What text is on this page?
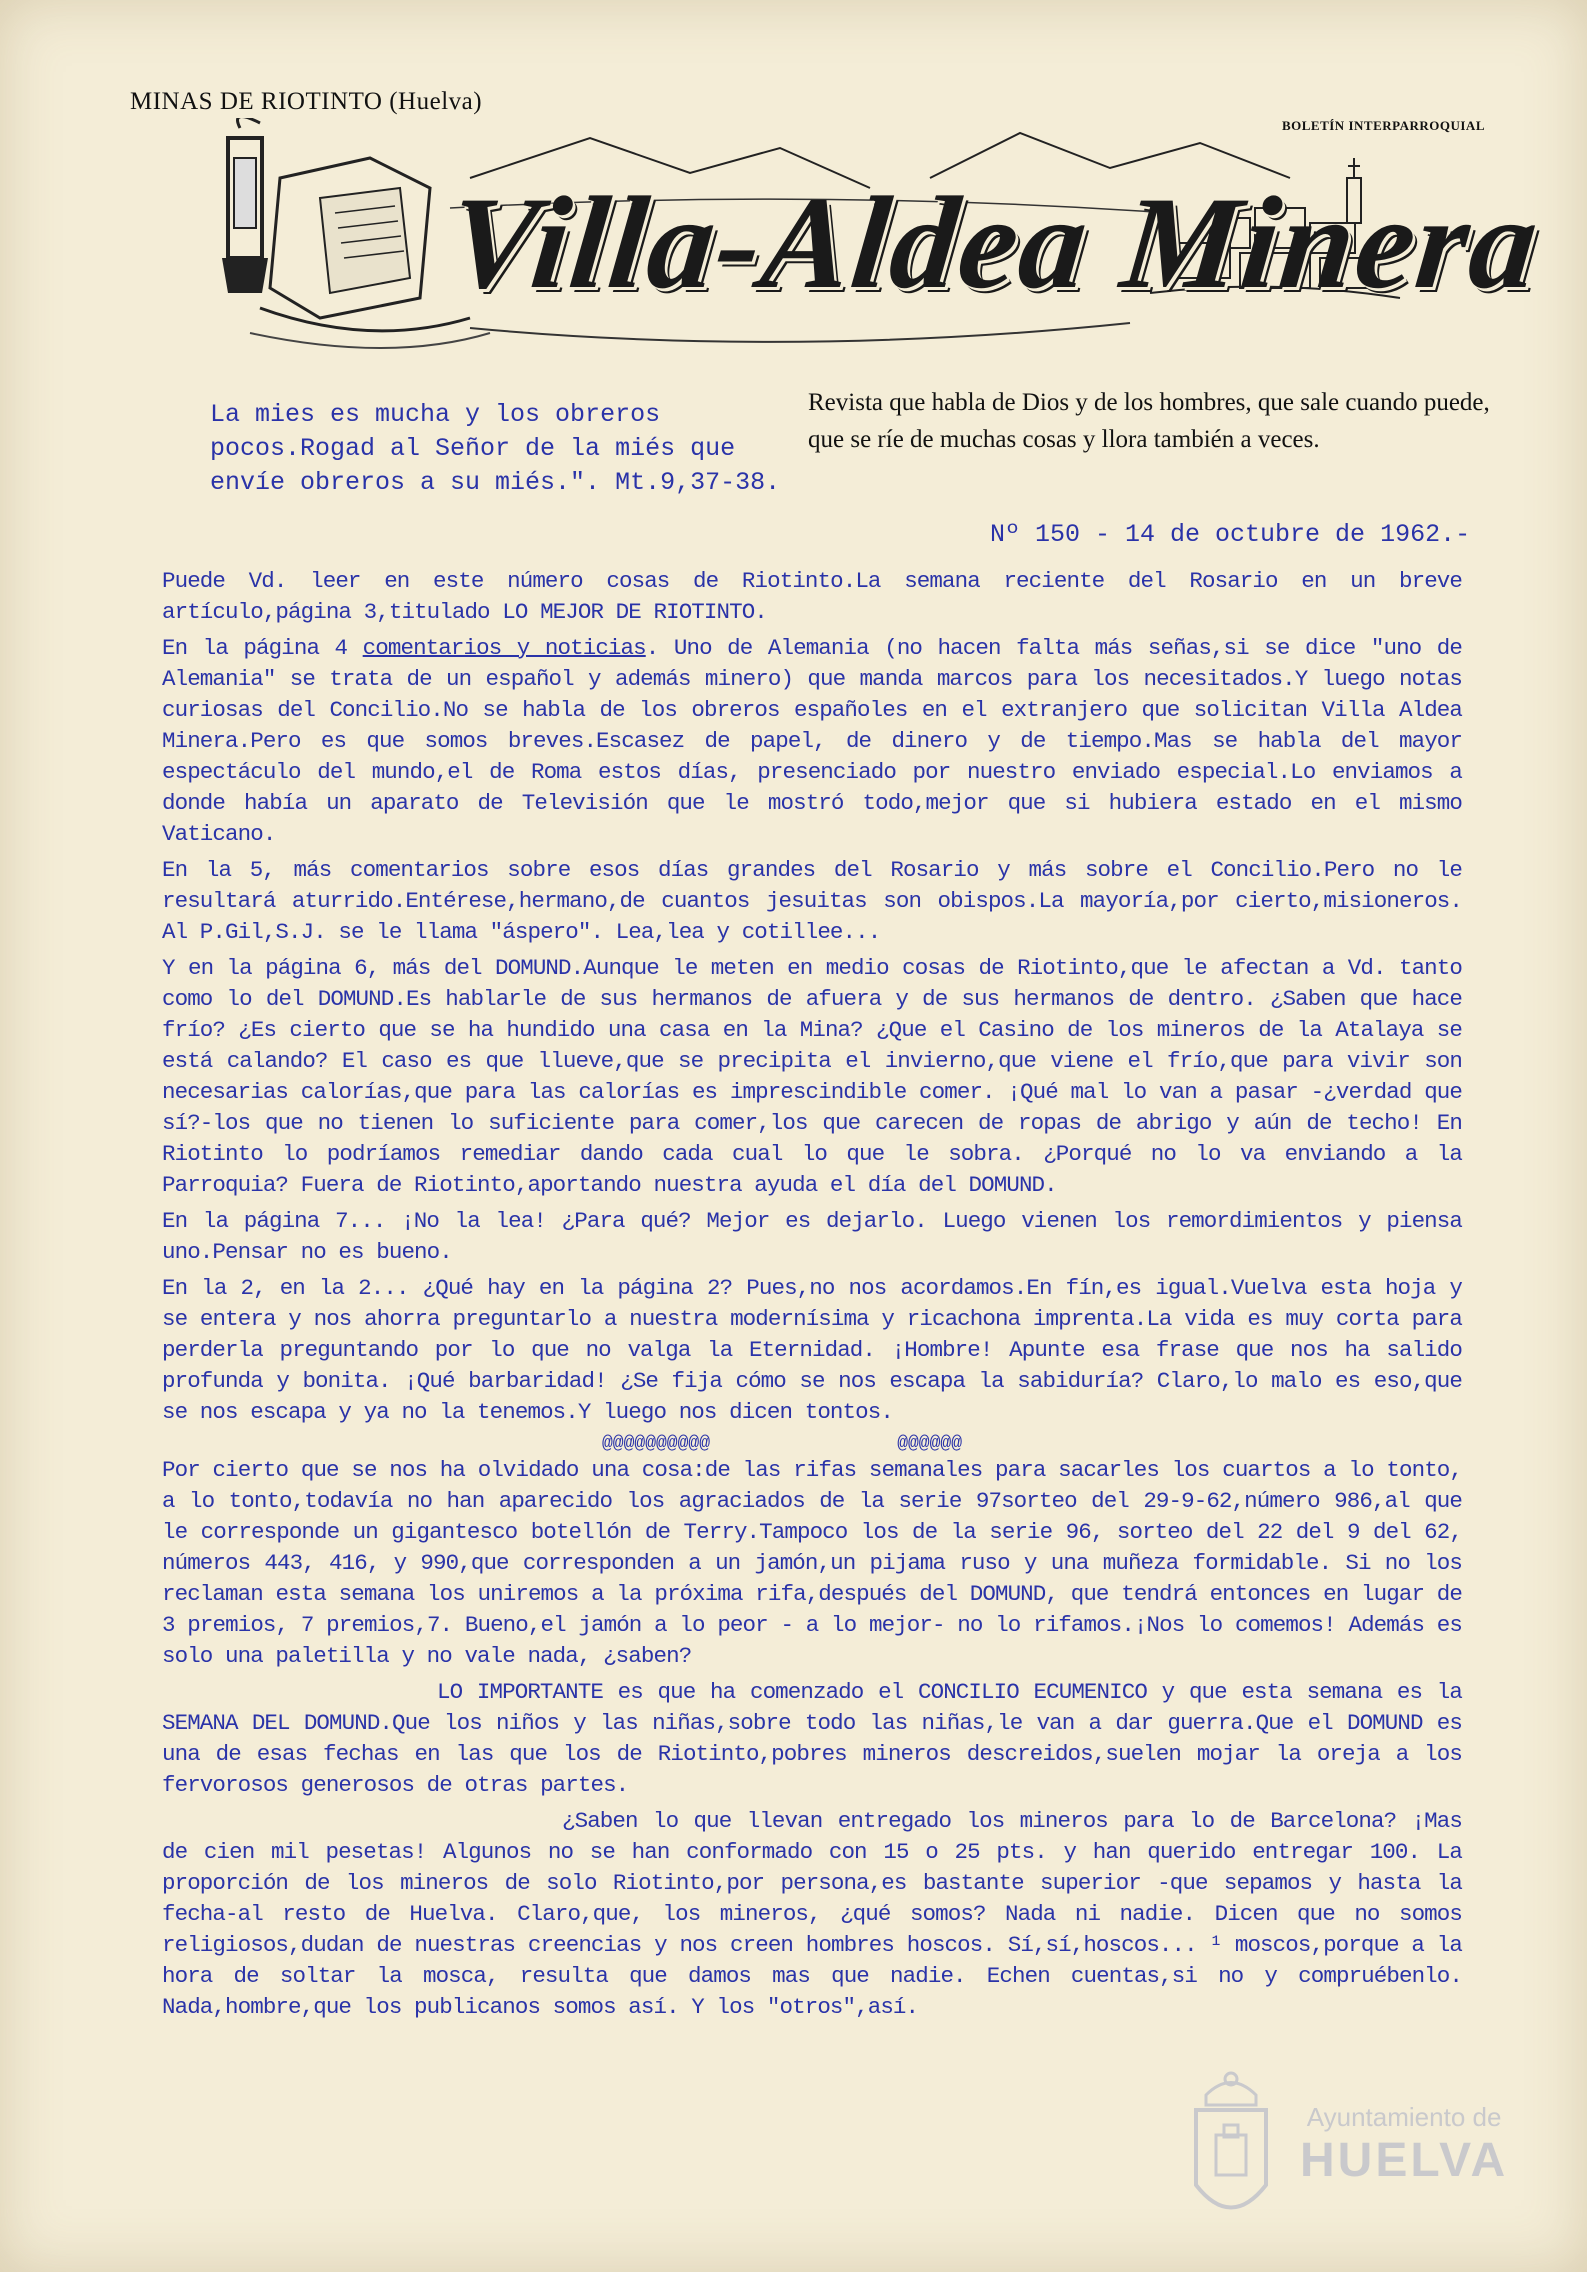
MINAS DE RIOTINTO (Huelva)
BOLETÍN INTERPARROQUIAL
Villa-Aldea Minera
Revista que habla de Dios y de los hombres, que sale cuando puede, que se ríe de muchas cosas y llora también a veces.
La mies es mucha y los obreros pocos.Rogad al Señor de la miés que envíe obreros a su miés.". Mt.9,37-38.
Nº 150 - 14 de octubre de 1962.-

Puede Vd. leer en este número cosas de Riotinto.La semana reciente del Rosario en un breve artículo,página 3,titulado LO MEJOR DE RIOTINTO.

En la página 4 comentarios y noticias. Uno de Alemania (no hacen falta más señas,si se dice "uno de Alemania" se trata de un español y además minero) que manda marcos para los necesitados.Y luego notas curiosas del Concilio.No se habla de los obreros españoles en el extranjero que solicitan Villa Aldea Minera.Pero es que somos breves.Escasez de papel, de dinero y de tiempo.Mas se habla del mayor espectáculo del mundo,el de Roma estos días, presenciado por nuestro enviado especial.Lo enviamos a donde había un aparato de Televisión que le mostró todo,mejor que si hubiera estado en el mismo Vaticano.

En la 5, más comentarios sobre esos días grandes del Rosario y más sobre el Concilio.Pero no le resultará aturrido.Entérese,hermano,de cuantos jesuitas son obispos.La mayoría,por cierto,misioneros. Al P.Gil,S.J. se le llama "áspero". Lea,lea y cotillee...

Y en la página 6, más del DOMUND.Aunque le meten en medio cosas de Riotinto,que le afectan a Vd. tanto como lo del DOMUND.Es hablarle de sus hermanos de afuera y de sus hermanos de dentro. ¿Saben que hace frío? ¿Es cierto que se ha hundido una casa en la Mina? ¿Que el Casino de los mineros de la Atalaya se está calando? El caso es que llueve,que se precipita el invierno,que viene el frío,que para vivir son necesarias calorías,que para las calorías es imprescindible comer. ¡Qué mal lo van a pasar -¿verdad que sí?-los que no tienen lo suficiente para comer,los que carecen de ropas de abrigo y aún de techo! En Riotinto lo podríamos remediar dando cada cual lo que le sobra. ¿Porqué no lo va enviando a la Parroquia? Fuera de Riotinto,aportando nuestra ayuda el día del DOMUND.

En la página 7... ¡No la lea! ¿Para qué? Mejor es dejarlo. Luego vienen los remordimientos y piensa uno.Pensar no es bueno.

En la 2, en la 2... ¿Qué hay en la página 2? Pues,no nos acordamos.En fín,es igual.Vuelva esta hoja y se entera y nos ahorra preguntarlo a nuestra modernísima y ricachona imprenta.La vida es muy corta para perderla preguntando por lo que no valga la Eternidad. ¡Hombre! Apunte esa frase que nos ha salido profunda y bonita. ¡Qué barbaridad! ¿Se fija cómo se nos escapa la sabiduría? Claro,lo malo es eso,que se nos escapa y ya no la tenemos.Y luego nos dicen tontos.

@@@@@@@@@@	@@@@@@

Por cierto que se nos ha olvidado una cosa:de las rifas semanales para sacarles los cuartos a lo tonto, a lo tonto,todavía no han aparecido los agraciados de la serie 97sorteo del 29-9-62,número 986,al que le corresponde un gigantesco botellón de Terry.Tampoco los de la serie 96, sorteo del 22 del 9 del 62, números 443, 416, y 990,que corresponden a un jamón,un pijama ruso y una muñeza formidable. Si no los reclaman esta semana los uniremos a la próxima rifa,después del DOMUND, que tendrá entonces en lugar de 3 premios, 7 premios,7. Bueno,el jamón a lo peor - a lo mejor- no lo rifamos.¡Nos lo comemos! Además es solo una paletilla y no vale nada, ¿saben?

LO IMPORTANTE es que ha comenzado el CONCILIO ECUMENICO y que esta semana es la SEMANA DEL DOMUND.Que los niños y las niñas,sobre todo las niñas,le van a dar guerra.Que el DOMUND es una de esas fechas en las que los de Riotinto,pobres mineros descreidos,suelen mojar la oreja a los fervorosos generosos de otras partes.

¿Saben lo que llevan entregado los mineros para lo de Barcelona? ¡Mas de cien mil pesetas! Algunos no se han conformado con 15 o 25 pts. y han querido entregar 100. La proporción de los mineros de solo Riotinto,por persona,es bastante superior -que sepamos y hasta la fecha-al resto de Huelva. Claro,que, los mineros, ¿qué somos? Nada ni nadie. Dicen que no somos religiosos,dudan de nuestras creencias y nos creen hombres hoscos. Sí,sí,hoscos... ¹ moscos,porque a la hora de soltar la mosca, resulta que damos mas que nadie. Echen cuentas,si no y compruébenlo. Nada,hombre,que los publicanos somos así. Y los "otros",así.

Ayuntamiento de
HUELVA
